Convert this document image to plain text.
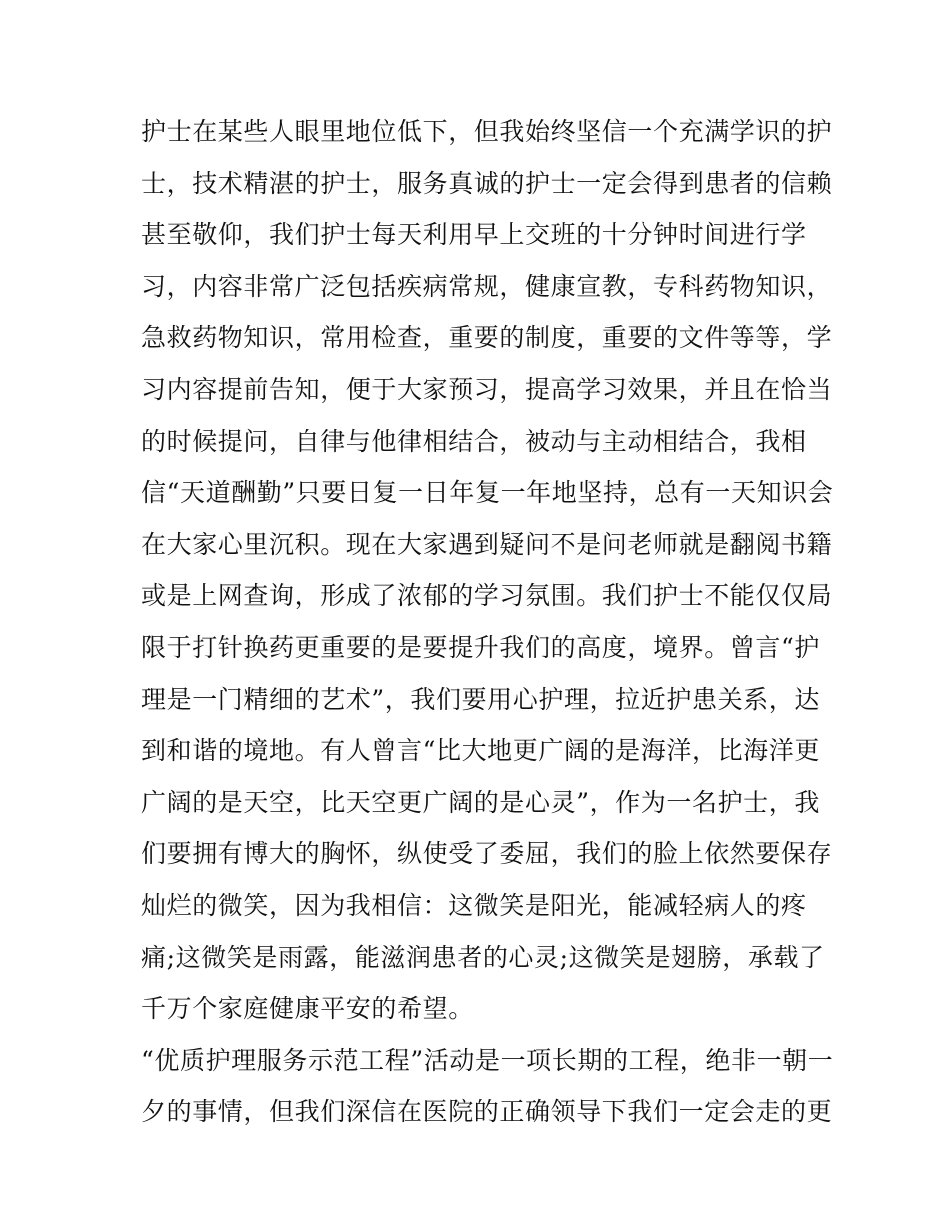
护士在某些人眼里地位低下，但我始终坚信一个充满学识的护
士，技术精湛的护士，服务真诚的护士一定会得到患者的信赖
甚至敬仰，我们护士每天利用早上交班的十分钟时间进行学
习，内容非常广泛包括疾病常规，健康宣教，专科药物知识，
急救药物知识，常用检查，重要的制度，重要的文件等等，学
习内容提前告知，便于大家预习，提高学习效果，并且在恰当
的时候提问，自律与他律相结合，被动与主动相结合，我相
信“天道酬勤”只要日复一日年复一年地坚持，总有一天知识会
在大家心里沉积。现在大家遇到疑问不是问老师就是翻阅书籍
或是上网查询，形成了浓郁的学习氛围。我们护士不能仅仅局
限于打针换药更重要的是要提升我们的高度，境界。曾言“护
理是一门精细的艺术”，我们要用心护理，拉近护患关系，达
到和谐的境地。有人曾言“比大地更广阔的是海洋，比海洋更
广阔的是天空，比天空更广阔的是心灵”，作为一名护士，我
们要拥有博大的胸怀，纵使受了委屈，我们的脸上依然要保存
灿烂的微笑，因为我相信：这微笑是阳光，能减轻病人的疼
痛;这微笑是雨露，能滋润患者的心灵;这微笑是翅膀，承载了
千万个家庭健康平安的希望。
“优质护理服务示范工程”活动是一项长期的工程，绝非一朝一
夕的事情，但我们深信在医院的正确领导下我们一定会走的更
